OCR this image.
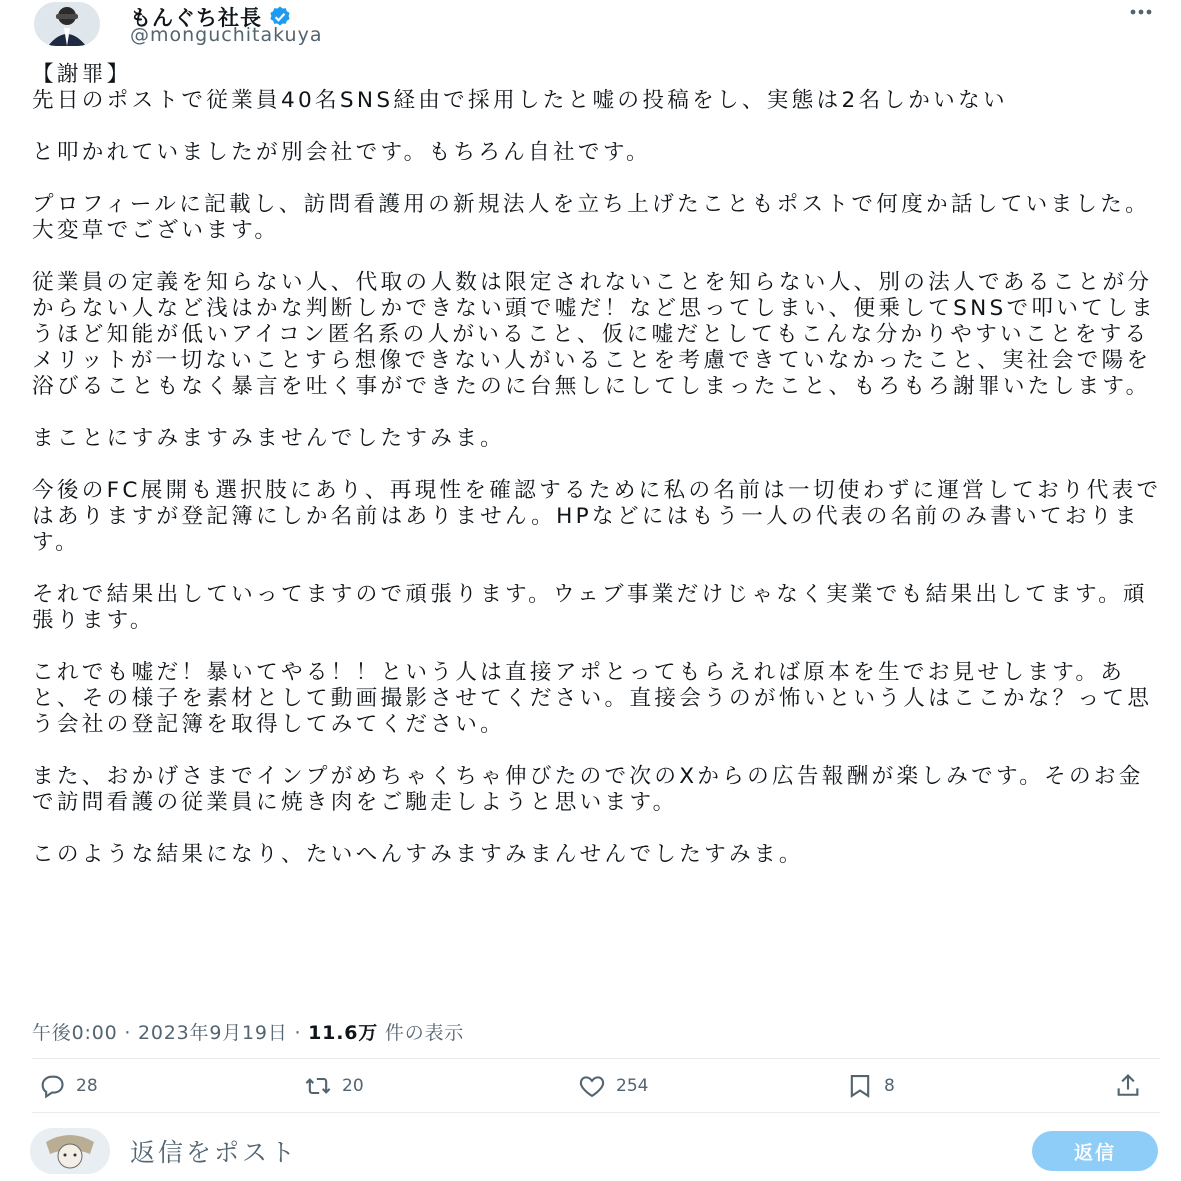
もんぐち社長
@monguchitakuya

【謝罪】
先日のポストで従業員40名SNS経由で採用したと嘘の投稿をし、実態は2名しかいない

と叩かれていましたが別会社です。もちろん自社です。

プロフィールに記載し、訪問看護用の新規法人を立ち上げたこともポストで何度か話していました。大変草でございます。

従業員の定義を知らない人、代取の人数は限定されないことを知らない人、別の法人であることが分からない人など浅はかな判断しかできない頭で嘘だ！など思ってしまい、便乗してSNSで叩いてしまうほど知能が低いアイコン匿名系の人がいること、仮に嘘だとしてもこんな分かりやすいことをするメリットが一切ないことすら想像できない人がいることを考慮できていなかったこと、実社会で陽を浴びることもなく暴言を吐く事ができたのに台無しにしてしまったこと、もろもろ謝罪いたします。

まことにすみますみませんでしたすみま。

今後のFC展開も選択肢にあり、再現性を確認するために私の名前は一切使わずに運営しており代表ではありますが登記簿にしか名前はありません。HPなどにはもう一人の代表の名前のみ書いております。

それで結果出していってますので頑張ります。ウェブ事業だけじゃなく実業でも結果出してます。頑張ります。

これでも嘘だ！暴いてやる！！という人は直接アポとってもらえれば原本を生でお見せします。あと、その様子を素材として動画撮影させてください。直接会うのが怖いという人はここかな？って思う会社の登記簿を取得してみてください。

また、おかげさまでインプがめちゃくちゃ伸びたので次のXからの広告報酬が楽しみです。そのお金で訪問看護の従業員に焼き肉をご馳走しようと思います。

このような結果になり、たいへんすみますみまんせんでしたすみま。

午後0:00 · 2023年9月19日 · 11.6万 件の表示
28	20	254	8
返信をポスト	返信
